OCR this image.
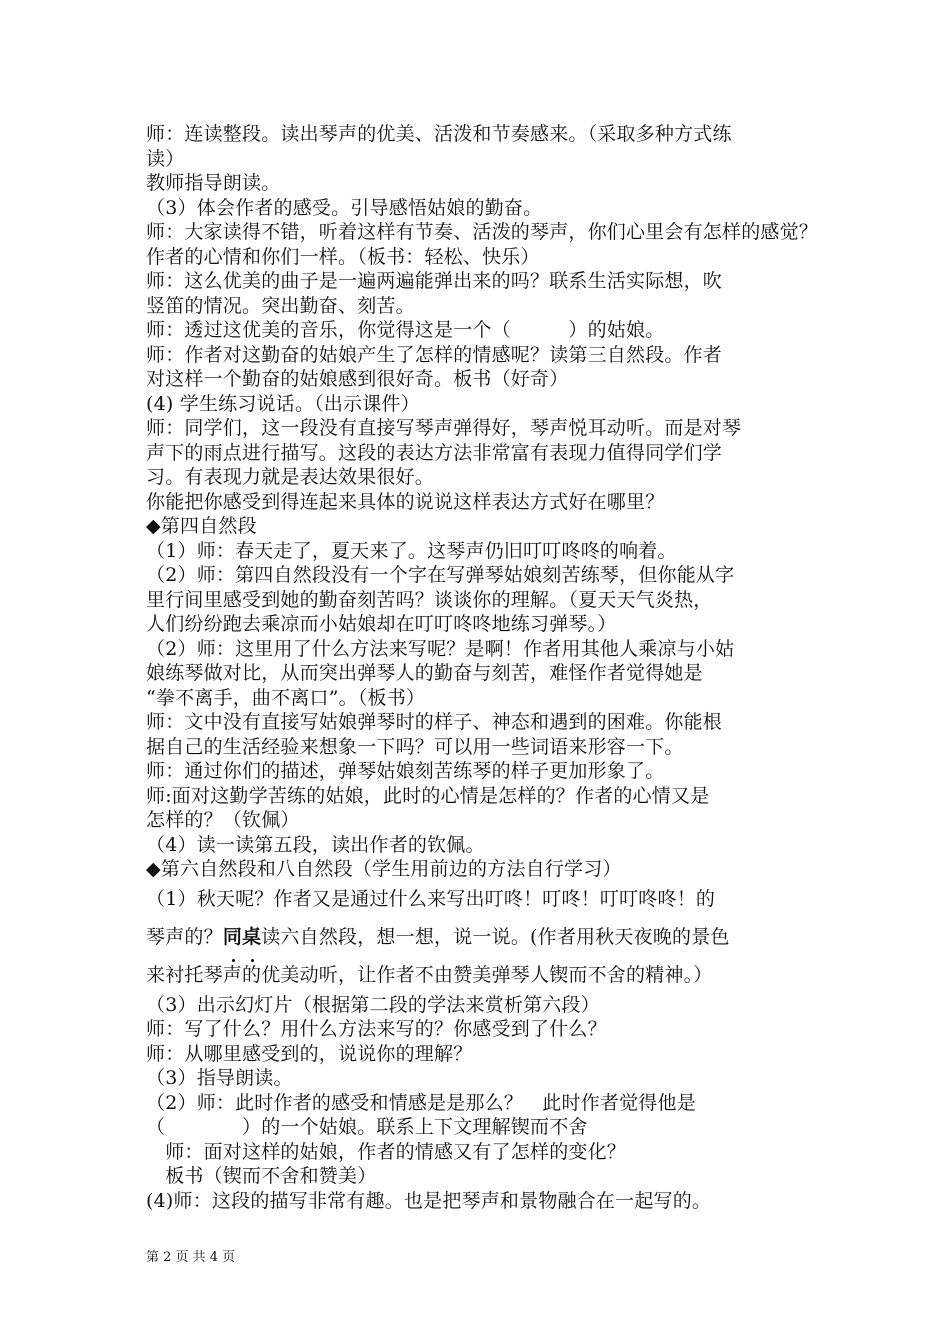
师：连读整段。读出琴声的优美、活泼和节奏感来。（采取多种方式练
读）
教师指导朗读。
（3）体会作者的感受。引导感悟姑娘的勤奋。
师：大家读得不错，听着这样有节奏、活泼的琴声，你们心里会有怎样的感觉？
作者的心情和你们一样。（板书：轻松、快乐）
师：这么优美的曲子是一遍两遍能弹出来的吗？联系生活实际想，吹
竖笛的情况。突出勤奋、刻苦。
师：透过这优美的音乐，你觉得这是一个（　　　）的姑娘。
师：作者对这勤奋的姑娘产生了怎样的情感呢？读第三自然段。作者
对这样一个勤奋的姑娘感到很好奇。板书（好奇）
(4) 学生练习说话。（出示课件）
师：同学们，这一段没有直接写琴声弹得好，琴声悦耳动听。而是对琴
声下的雨点进行描写。这段的表达方法非常富有表现力值得同学们学
习。有表现力就是表达效果很好。
你能把你感受到得连起来具体的说说这样表达方式好在哪里？
◆第四自然段
（1）师：春天走了，夏天来了。这琴声仍旧叮叮咚咚的响着。
（2）师：第四自然段没有一个字在写弹琴姑娘刻苦练琴，但你能从字
里行间里感受到她的勤奋刻苦吗？谈谈你的理解。（夏天天气炎热，
人们纷纷跑去乘凉而小姑娘却在叮叮咚咚地练习弹琴。）
（2）师：这里用了什么方法来写呢？是啊！作者用其他人乘凉与小姑
娘练琴做对比，从而突出弹琴人的勤奋与刻苦，难怪作者觉得她是
“拳不离手，曲不离口”。（板书）
师：文中没有直接写姑娘弹琴时的样子、神态和遇到的困难。你能根
据自己的生活经验来想象一下吗？可以用一些词语来形容一下。
师：通过你们的描述，弹琴姑娘刻苦练琴的样子更加形象了。
师:面对这勤学苦练的姑娘，此时的心情是怎样的？作者的心情又是
怎样的？（钦佩）
（4）读一读第五段，读出作者的钦佩。
◆第六自然段和八自然段（学生用前边的方法自行学习）
（1）秋天呢？作者又是通过什么来写出叮咚！叮咚！叮叮咚咚！的
琴声的？同桌
读六自然段，想一想，说一说。(作者用秋天夜晚的景色
来衬托琴声的优美动听，让作者不由赞美弹琴人锲而不舍的精神。）
（3）出示幻灯片（根据第二段的学法来赏析第六段）
师：写了什么？用什么方法来写的？你感受到了什么？
师：从哪里感受到的，说说你的理解？
（3）指导朗读。
（2）师：此时作者的感受和情感是是那么？　此时作者觉得他是
（　　　　）的一个姑娘。联系上下文理解锲而不舍
　师：面对这样的姑娘，作者的情感又有了怎样的变化？
　板书（锲而不舍和赞美）
(4)师：这段的描写非常有趣。也是把琴声和景物融合在一起写的。
第 2 页 共 4 页
